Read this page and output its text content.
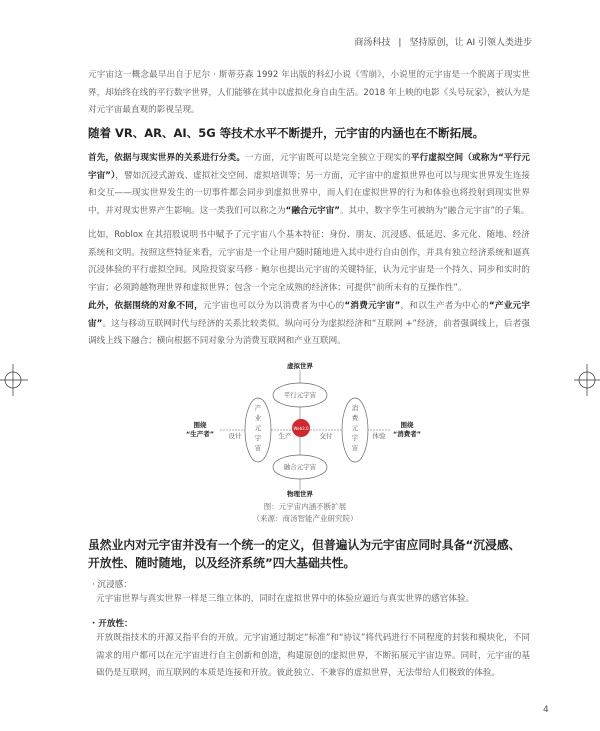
商汤科技 | 坚持原创，让 AI 引领人类进步
元宇宙这一概念最早出自于尼尔 · 斯蒂芬森 1992 年出版的科幻小说《雪崩》，小说里的元宇宙是一个脱离于现实世界，却始终在线的平行数字世界，人们能够在其中以虚拟化身自由生活。2018 年上映的电影《头号玩家》，被认为是对元宇宙最直观的影视呈现。
随着 VR、AR、AI、5G 等技术水平不断提升，元宇宙的内涵也在不断拓展。
首先，依据与现实世界的关系进行分类。一方面，元宇宙既可以是完全独立于现实的平行虚拟空间（或称为“平行元宇宙”），譬如沉浸式游戏、虚拟社交空间、虚拟培训等；另一方面，元宇宙中的虚拟世界也可以与现实世界发生连接和交互——现实世界发生的一切事件都会同步到虚拟世界中，而人们在虚拟世界的行为和体验也将投射到现实世界中，并对现实世界产生影响。这一类我们可以称之为“融合元宇宙”。其中，数字孪生可被纳为“融合元宇宙”的子集。
比如，Roblox 在其招股说明书中赋予了元宇宙八个基本特征：身份、朋友、沉浸感、低延迟、多元化、随地、经济系统和文明。按照这些特征来看，元宇宙是一个让用户随时随地进入其中进行自由创作，并具有独立经济系统和逼真沉浸体验的平行虚拟空间。风险投资家马修 · 鲍尔也提出元宇宙的关键特征，认为元宇宙是一个持久、同步和实时的宇宙；必须跨越物理世界和虚拟世界；包含一个完全成熟的经济体；可提供“前所未有的互操作性”。
此外，依据围绕的对象不同，元宇宙也可以分为以消费者为中心的“消费元宇宙”，和以生产者为中心的“产业元宇宙”。这与移动互联网时代与经济的关系比较类似。纵向可分为虚拟经济和“互联网 +”经济，前者强调线上，后者强调线上线下融合；横向根据不同对象分为消费互联网和产业互联网。
Web3.0
虚拟世界
物理世界
平行元宇宙
融合元宇宙
产
业
元
宇
宙
消
费
元
宇
宙
围绕
“生产者”
围绕
“消费者”
设计	生产	交付	体验
图：元宇宙内涵不断扩展
（来源：商汤智能产业研究院）
虽然业内对元宇宙并没有一个统一的定义，但普遍认为元宇宙应同时具备“沉浸感、开放性、随时随地，以及经济系统”四大基础共性。
· 沉浸感：
元宇宙世界与真实世界一样是三维立体的，同时在虚拟世界中的体验应逼近与真实世界的感官体验。
· 开放性：
开放既指技术的开源又指平台的开放。元宇宙通过制定“标准”和“协议”将代码进行不同程度的封装和模块化，不同需求的用户都可以在元宇宙进行自主创新和创造，构建原创的虚拟世界，不断拓展元宇宙边界。同时，元宇宙的基础仍是互联网，而互联网的本质是连接和开放。彼此独立、不兼容的虚拟世界，无法带给人们极致的体验。
4
